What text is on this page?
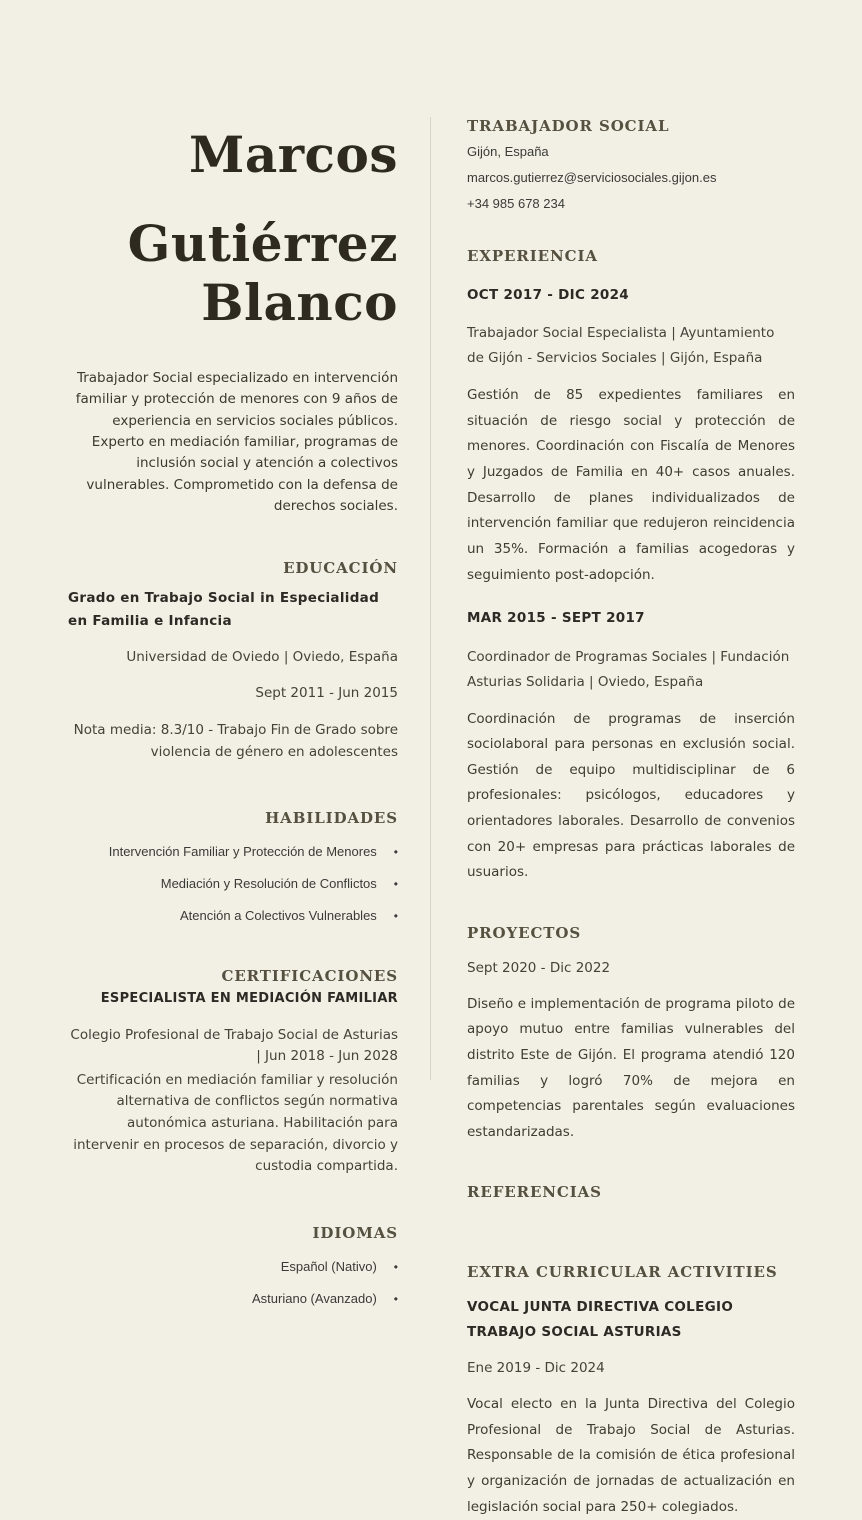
Marcos
Gutiérrez Blanco

Trabajador Social especializado en intervención familiar y protección de menores con 9 años de experiencia en servicios sociales públicos. Experto en mediación familiar, programas de inclusión social y atención a colectivos vulnerables. Comprometido con la defensa de derechos sociales.

EDUCACIÓN

Grado en Trabajo Social in Especialidad en Familia e Infancia

Universidad de Oviedo | Oviedo, España

Sept 2011 - Jun 2015

Nota media: 8.3/10 - Trabajo Fin de Grado sobre violencia de género en adolescentes

HABILIDADES
Intervención Familiar y Protección de Menores •
Mediación y Resolución de Conflictos •
Atención a Colectivos Vulnerables •
CERTIFICACIONES

ESPECIALISTA EN MEDIACIÓN FAMILIAR

Colegio Profesional de Trabajo Social de Asturias | Jun 2018 - Jun 2028

Certificación en mediación familiar y resolución alternativa de conflictos según normativa autonómica asturiana. Habilitación para intervenir en procesos de separación, divorcio y custodia compartida.

IDIOMAS
Español (Nativo) •
Asturiano (Avanzado) •
TRABAJADOR SOCIAL

Gijón, España

marcos.gutierrez@serviciosociales.gijon.es

+34 985 678 234

EXPERIENCIA

OCT 2017 - DIC 2024

Trabajador Social Especialista | Ayuntamiento de Gijón - Servicios Sociales | Gijón, España

Gestión de 85 expedientes familiares en situación de riesgo social y protección de menores. Coordinación con Fiscalía de Menores y Juzgados de Familia en 40+ casos anuales. Desarrollo de planes individualizados de intervención familiar que redujeron reincidencia un 35%. Formación a familias acogedoras y seguimiento post-adopción.

MAR 2015 - SEPT 2017

Coordinador de Programas Sociales | Fundación Asturias Solidaria | Oviedo, España

Coordinación de programas de inserción sociolaboral para personas en exclusión social. Gestión de equipo multidisciplinar de 6 profesionales: psicólogos, educadores y orientadores laborales. Desarrollo de convenios con 20+ empresas para prácticas laborales de usuarios.

PROYECTOS

Sept 2020 - Dic 2022

Diseño e implementación de programa piloto de apoyo mutuo entre familias vulnerables del distrito Este de Gijón. El programa atendió 120 familias y logró 70% de mejora en competencias parentales según evaluaciones estandarizadas.

REFERENCIAS
EXTRA CURRICULAR ACTIVITIES

VOCAL JUNTA DIRECTIVA COLEGIO TRABAJO SOCIAL ASTURIAS

Ene 2019 - Dic 2024

Vocal electo en la Junta Directiva del Colegio Profesional de Trabajo Social de Asturias. Responsable de la comisión de ética profesional y organización de jornadas de actualización en legislación social para 250+ colegiados.
